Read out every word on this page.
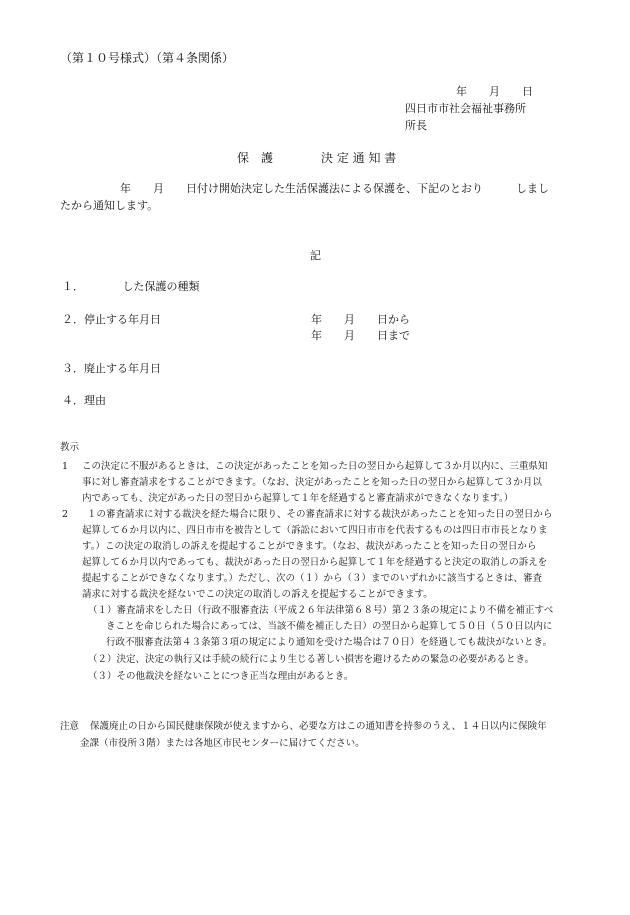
（第１０号様式）（第４条関係）
年　　月　　日
四日市市社会福祉事務所
所長
保　護　　　　決 定 通 知 書
年　　月　　日付け開始決定した生活保護法による保護を、下記のとおり　　　しまし
たから通知します。
記
１．　　　　した保護の種類
２．停止する年月日	年　　月　　日から
年　　月　　日まで
３．廃止する年月日
４．理由
教示
1 この決定に不服があるときは、この決定があったことを知った日の翌日から起算して３か月以内に、三重県知
事に対し審査請求をすることができます。（なお、決定があったことを知った日の翌日から起算して３か月以
内であっても、決定があった日の翌日から起算して１年を経過すると審査請求ができなくなります。）
2 １の審査請求に対する裁決を経た場合に限り、その審査請求に対する裁決があったことを知った日の翌日から
起算して６か月以内に、四日市市を被告として（訴訟において四日市市を代表するものは四日市市長となりま
す。）この決定の取消しの訴えを提起することができます。（なお、裁決があったことを知った日の翌日から
起算して６か月以内であっても、裁決があった日の翌日から起算して１年を経過すると決定の取消しの訴えを
提起することができなくなります。）ただし、次の（１）から（３）までのいずれかに該当するときは、審査
請求に対する裁決を経ないでこの決定の取消しの訴えを提起することができます。
（１）審査請求をした日（行政不服審査法（平成２６年法律第６８号）第２３条の規定により不備を補正すべ
きことを命じられた場合にあっては、当該不備を補正した日）の翌日から起算して５０日（５０日以内に
行政不服審査法第４３条第３項の規定により通知を受けた場合は７０日）を経過しても裁決がないとき。
（２）決定、決定の執行又は手続の続行により生じる著しい損害を避けるための緊急の必要があるとき。
（３）その他裁決を経ないことにつき正当な理由があるとき。
注意 保護廃止の日から国民健康保険が使えますから、必要な方はこの通知書を持参のうえ、１４日以内に保険年
金課（市役所３階）または各地区市民センターに届けてください。
